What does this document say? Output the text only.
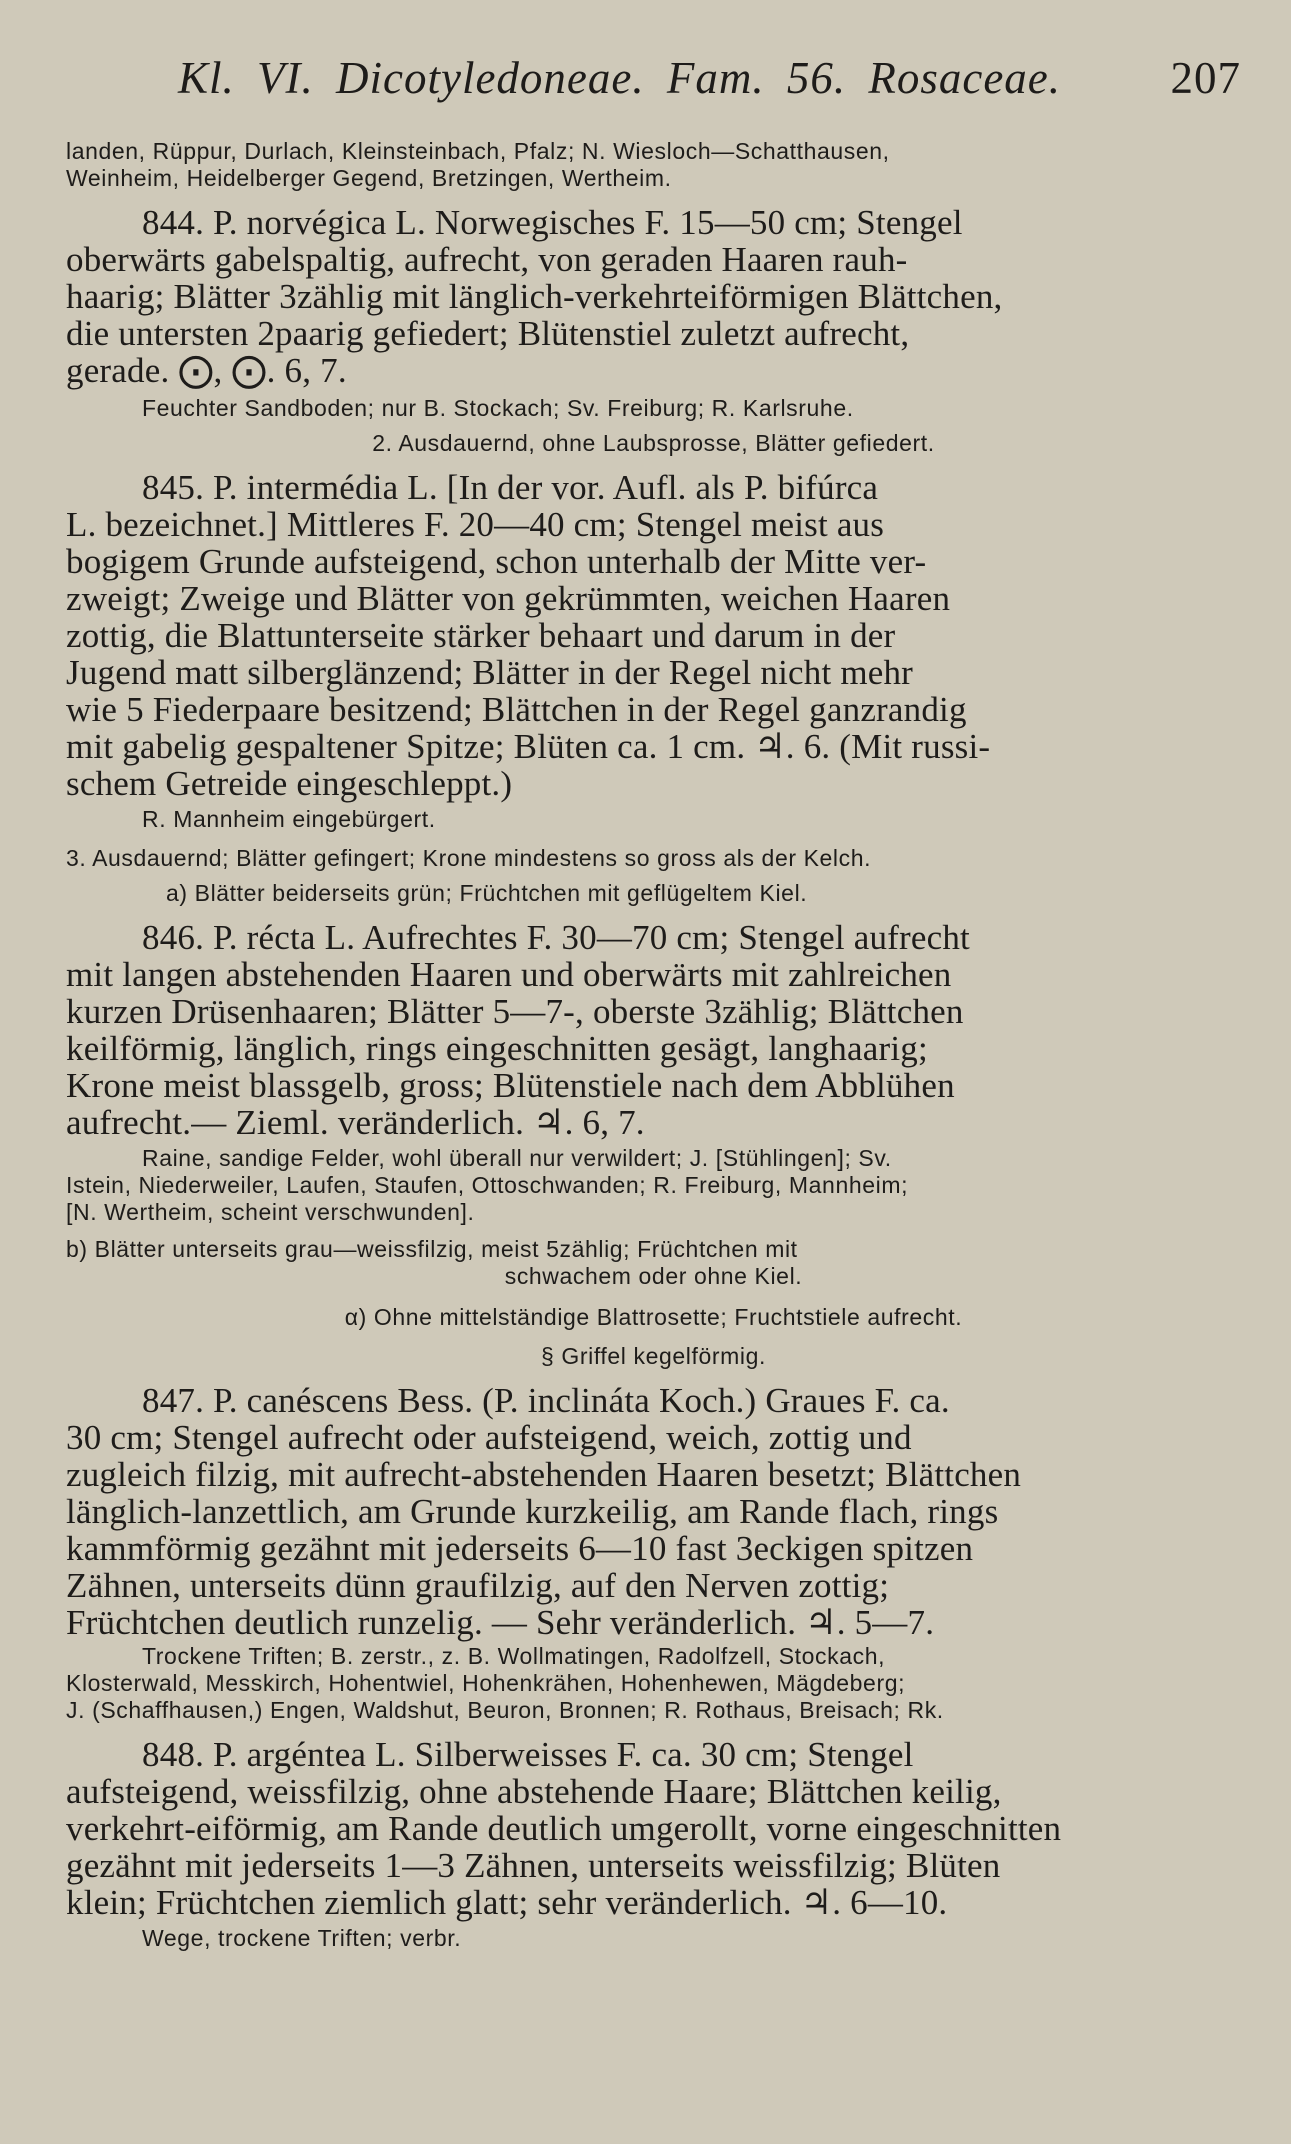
Kl. VI. Dicotyledoneae. Fam. 56. Rosaceae. 207

landen, Rüppur, Durlach, Kleinsteinbach, Pfalz; N. Wiesloch—Schatthausen,

Weinheim, Heidelberger Gegend, Bretzingen, Wertheim.

844. P. norvégica L. Norwegisches F. 15—50 cm; Stengel

oberwärts gabelspaltig, aufrecht, von geraden Haaren rauh-

haarig; Blätter 3zählig mit länglich-verkehrteiförmigen Blättchen,

die untersten 2paarig gefiedert; Blütenstiel zuletzt aufrecht,

gerade. ⨀, ⨀. 6, 7.

Feuchter Sandboden; nur B. Stockach; Sv. Freiburg; R. Karlsruhe.

2. Ausdauernd, ohne Laubsprosse, Blätter gefiedert.

845. P. intermédia L. [In der vor. Aufl. als P. bifúrca

L. bezeichnet.] Mittleres F. 20—40 cm; Stengel meist aus

bogigem Grunde aufsteigend, schon unterhalb der Mitte ver-

zweigt; Zweige und Blätter von gekrümmten, weichen Haaren

zottig, die Blattunterseite stärker behaart und darum in der

Jugend matt silberglänzend; Blätter in der Regel nicht mehr

wie 5 Fiederpaare besitzend; Blättchen in der Regel ganzrandig

mit gabelig gespaltener Spitze; Blüten ca. 1 cm. ♃. 6. (Mit russi-

schem Getreide eingeschleppt.)

R. Mannheim eingebürgert.

3. Ausdauernd; Blätter gefingert; Krone mindestens so gross als der Kelch.

a) Blätter beiderseits grün; Früchtchen mit geflügeltem Kiel.

846. P. récta L. Aufrechtes F. 30—70 cm; Stengel aufrecht

mit langen abstehenden Haaren und oberwärts mit zahlreichen

kurzen Drüsenhaaren; Blätter 5—7-, oberste 3zählig; Blättchen

keilförmig, länglich, rings eingeschnitten gesägt, langhaarig;

Krone meist blassgelb, gross; Blütenstiele nach dem Abblühen

aufrecht.— Zieml. veränderlich. ♃. 6, 7.

Raine, sandige Felder, wohl überall nur verwildert; J. [Stühlingen]; Sv.

Istein, Niederweiler, Laufen, Staufen, Ottoschwanden; R. Freiburg, Mannheim;

[N. Wertheim, scheint verschwunden].

b) Blätter unterseits grau—weissfilzig, meist 5zählig; Früchtchen mit

schwachem oder ohne Kiel.

α) Ohne mittelständige Blattrosette; Fruchtstiele aufrecht.

§ Griffel kegelförmig.

847. P. canéscens Bess. (P. inclináta Koch.) Graues F. ca.

30 cm; Stengel aufrecht oder aufsteigend, weich, zottig und

zugleich filzig, mit aufrecht-abstehenden Haaren besetzt; Blättchen

länglich-lanzettlich, am Grunde kurzkeilig, am Rande flach, rings

kammförmig gezähnt mit jederseits 6—10 fast 3eckigen spitzen

Zähnen, unterseits dünn graufilzig, auf den Nerven zottig;

Früchtchen deutlich runzelig. — Sehr veränderlich. ♃. 5—7.

Trockene Triften; B. zerstr., z. B. Wollmatingen, Radolfzell, Stockach,

Klosterwald, Messkirch, Hohentwiel, Hohenkrähen, Hohenhewen, Mägdeberg;

J. (Schaffhausen,) Engen, Waldshut, Beuron, Bronnen; R. Rothaus, Breisach; Rk.

848. P. argéntea L. Silberweisses F. ca. 30 cm; Stengel

aufsteigend, weissfilzig, ohne abstehende Haare; Blättchen keilig,

verkehrt-eiförmig, am Rande deutlich umgerollt, vorne eingeschnitten

gezähnt mit jederseits 1—3 Zähnen, unterseits weissfilzig; Blüten

klein; Früchtchen ziemlich glatt; sehr veränderlich. ♃. 6—10.

Wege, trockene Triften; verbr.
